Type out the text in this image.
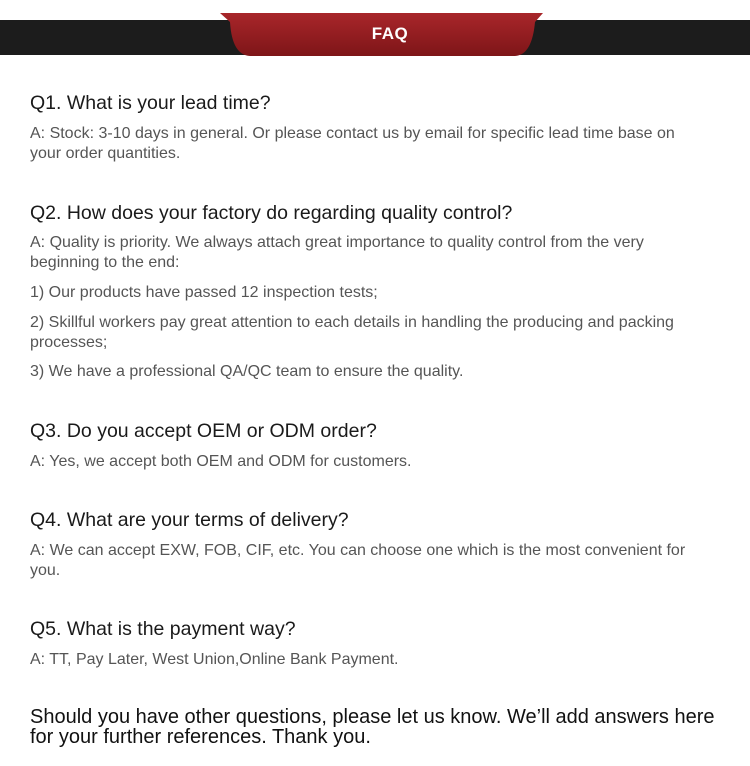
FAQ
Q1. What is your lead time?
A: Stock: 3-10 days in general. Or please contact us by email for specific lead time base on your order quantities.
Q2. How does your factory do regarding quality control?
A: Quality is priority. We always attach great importance to quality control from the very beginning to the end:
1) Our products have passed 12 inspection tests;
2) Skillful workers pay great attention to each details in handling the producing and packing processes;
3) We have a professional QA/QC team to ensure the quality.
Q3. Do you accept OEM or ODM order?
A: Yes, we accept both OEM and ODM for customers.
Q4. What are your terms of delivery?
A: We can accept EXW, FOB, CIF, etc. You can choose one which is the most convenient for you.
Q5. What is the payment way?
A: TT, Pay Later, West Union,Online Bank Payment.
Should you have other questions, please let us know. We’ll add answers here for your further references. Thank you.
